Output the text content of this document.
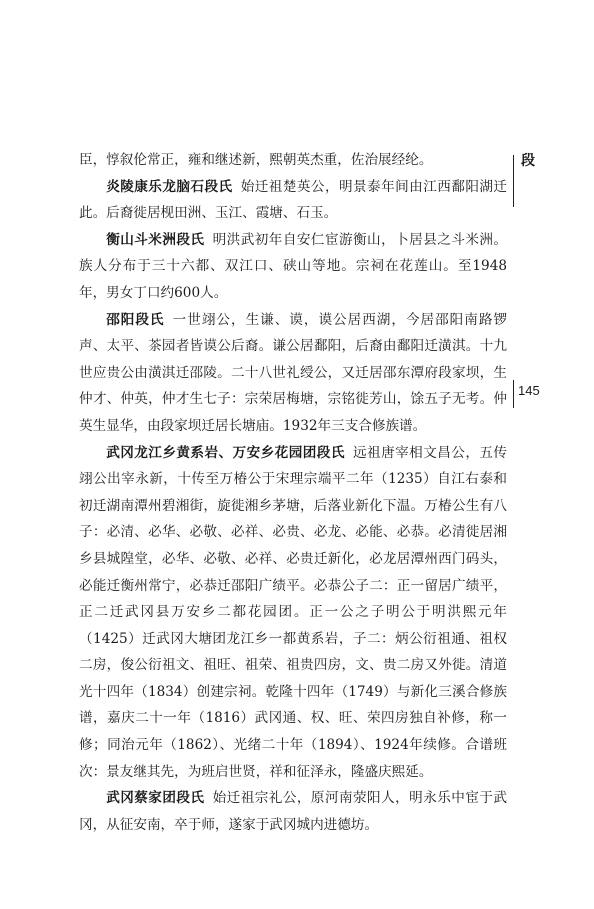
臣，惇叙伦常正，雍和继述新，熙朝英杰重，佐治展经纶。

炎陵康乐龙脑石段氏 始迁祖楚英公，明景泰年间由江西鄱阳湖迁此。后裔徙居枧田洲、玉江、霞塘、石玉。

衡山斗米洲段氏 明洪武初年自安仁宦游衡山，卜居县之斗米洲。族人分布于三十六都、双江口、硖山等地。宗祠在花莲山。至1948年，男女丁口约600人。

邵阳段氏 一世翊公，生谦、谟，谟公居西湖，今居邵阳南路锣声、太平、茶园者皆谟公后裔。谦公居鄱阳，后裔由鄱阳迁潢淇。十九世应贵公由潢淇迁邵陵。二十八世礼绶公，又迁居邵东潭府段家坝，生仲才、仲英，仲才生七子：宗荣居梅塘，宗铭徙芳山，馀五子无考。仲英生显华，由段家坝迁居长塘庙。1932年三支合修族谱。

武冈龙江乡黄系岩、万安乡花园团段氏 远祖唐宰相文昌公，五传翊公出宰永新，十传至万椿公于宋理宗端平二年（1235）自江右泰和初迁湖南潭州碧湘街，旋徙湘乡茅塘，后落业新化下温。万椿公生有八子：必清、必华、必敬、必祥、必贵、必龙、必能、必恭。必清徙居湘乡县城隍堂，必华、必敬、必祥、必贵迁新化，必龙居潭州西门码头，必能迁衡州常宁，必恭迁邵阳广绩平。必恭公子二：正一留居广绩平，正二迁武冈县万安乡二都花园团。正一公之子明公于明洪熙元年（1425）迁武冈大塘团龙江乡一都黄系岩，子二：炳公衍祖通、祖权二房，俊公衍祖文、祖旺、祖荣、祖贵四房，文、贵二房又外徙。清道光十四年（1834）创建宗祠。乾隆十四年（1749）与新化三溪合修族谱，嘉庆二十一年（1816）武冈通、权、旺、荣四房独自补修，称一修；同治元年（1862）、光绪二十年（1894）、1924年续修。合谱班次：景友继其先，为班启世贤，祥和征泽永，隆盛庆熙延。

武冈蔡家团段氏 始迁祖宗礼公，原河南荥阳人，明永乐中宦于武冈，从征安南，卒于师，遂家于武冈城内进德坊。

段
145
